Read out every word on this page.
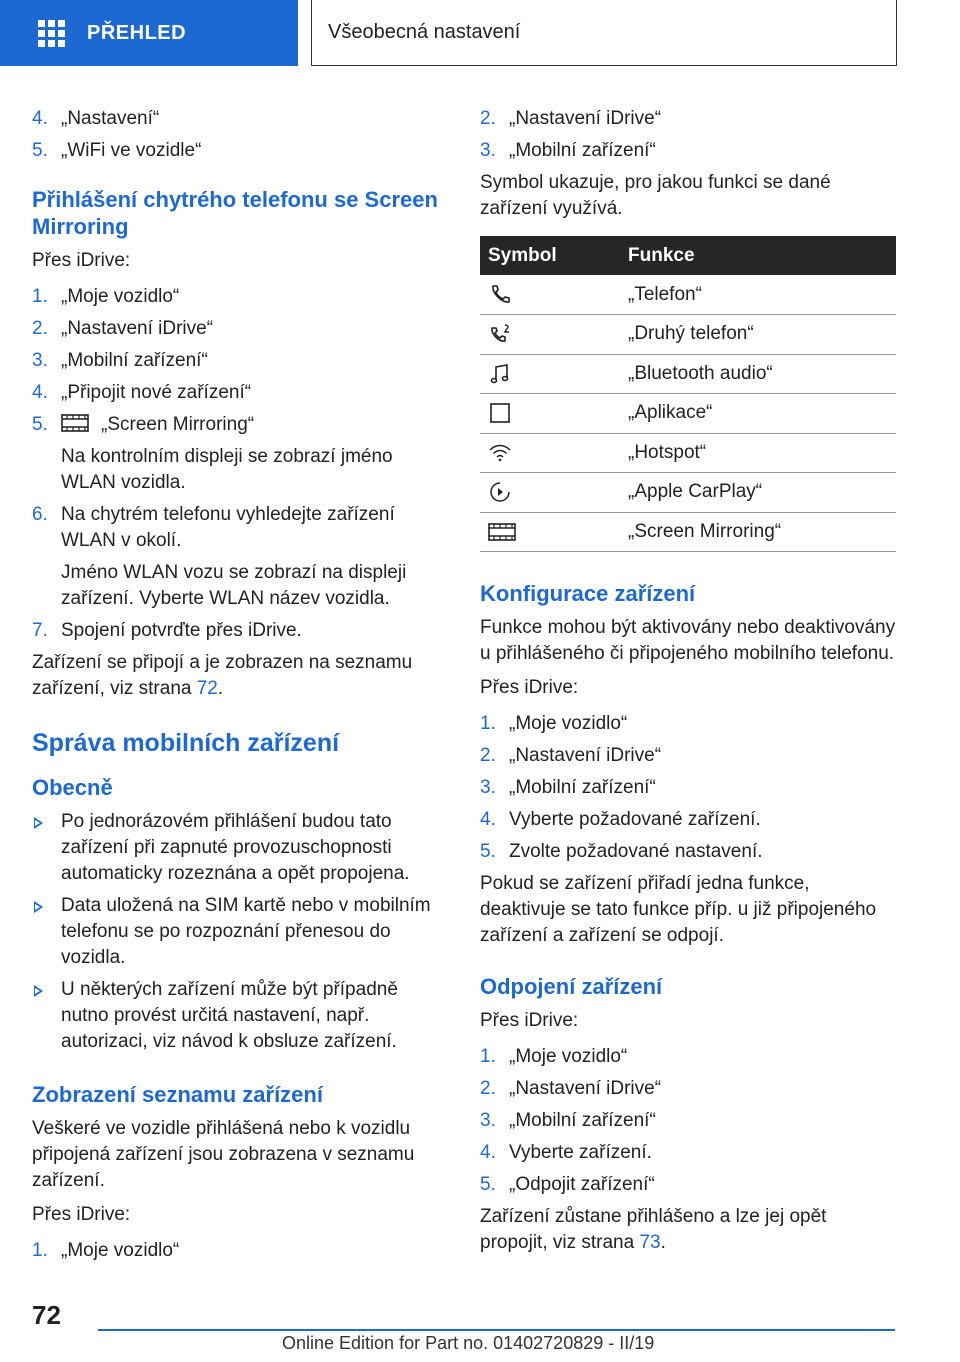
PŘEHLED	Všeobecná nastavení
4. „Nastavení“
5. „WiFi ve vozidle“
Přihlášení chytrého telefonu se Screen Mirroring
Přes iDrive:
1. „Moje vozidlo“
2. „Nastavení iDrive“
3. „Mobilní zařízení“
4. „Připojit nové zařízení“
5.	„Screen Mirroring“
Na kontrolním displeji se zobrazí jméno WLAN vozidla.
6. Na chytrém telefonu vyhledejte zařízení WLAN v okolí.
Jméno WLAN vozu se zobrazí na displeji zařízení. Vyberte WLAN název vozidla.
7. Spojení potvrďte přes iDrive.
Zařízení se připojí a je zobrazen na seznamu zařízení, viz strana 72.
Správa mobilních zařízení
Obecně
Po jednorázovém přihlášení budou tato zařízení při zapnuté provozuschopnosti automaticky rozeznána a opět propojena.
Data uložená na SIM kartě nebo v mobilním telefonu se po rozpoznání přenesou do vozidla.
U některých zařízení může být případně nutno provést určitá nastavení, např. autorizaci, viz návod k obsluze zařízení.
Zobrazení seznamu zařízení
Veškeré ve vozidle přihlášená nebo k vozidlu připojená zařízení jsou zobrazena v seznamu zařízení.
Přes iDrive:
1. „Moje vozidlo“
2. „Nastavení iDrive“
3. „Mobilní zařízení“
Symbol ukazuje, pro jakou funkci se dané zařízení využívá.
Symbol	Funkce

	„Telefon“

	„Druhý telefon“

	„Bluetooth audio“

	„Aplikace“

	„Hotspot“

	„Apple CarPlay“

	„Screen Mirroring“
Konfigurace zařízení
Funkce mohou být aktivovány nebo deaktivovány u přihlášeného či připojeného mobilního telefonu.
Přes iDrive:
1. „Moje vozidlo“
2. „Nastavení iDrive“
3. „Mobilní zařízení“
4. Vyberte požadované zařízení.
5. Zvolte požadované nastavení.
Pokud se zařízení přiřadí jedna funkce, deaktivuje se tato funkce příp. u již připojeného zařízení a zařízení se odpojí.
Odpojení zařízení
Přes iDrive:
1. „Moje vozidlo“
2. „Nastavení iDrive“
3. „Mobilní zařízení“
4. Vyberte zařízení.
5. „Odpojit zařízení“
Zařízení zůstane přihlášeno a lze jej opět propojit, viz strana 73.
72
Online Edition for Part no. 01402720829 - II/19
